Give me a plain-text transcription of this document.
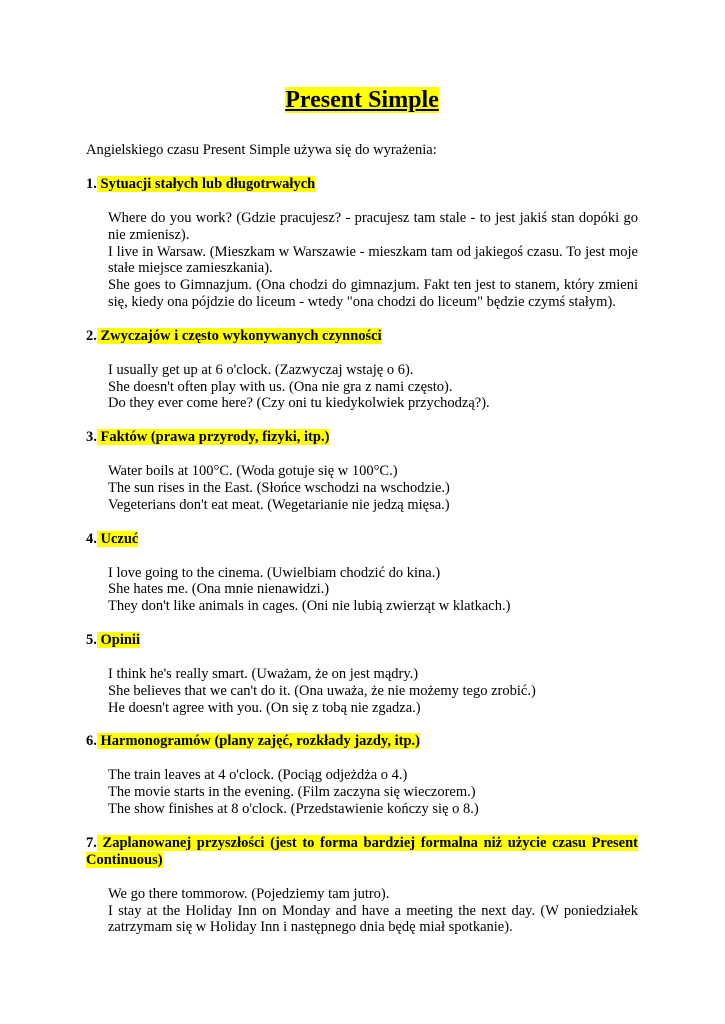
Present Simple

Angielskiego czasu Present Simple używa się do wyrażenia:

1. Sytuacji stałych lub długotrwałych

Where do you work? (Gdzie pracujesz? - pracujesz tam stale - to jest jakiś stan dopóki go nie zmienisz).
I live in Warsaw. (Mieszkam w Warszawie - mieszkam tam od jakiegoś czasu. To jest moje stałe miejsce zamieszkania).
She goes to Gimnazjum. (Ona chodzi do gimnazjum. Fakt ten jest to stanem, który zmieni się, kiedy ona pójdzie do liceum - wtedy "ona chodzi do liceum" będzie czymś stałym).

2. Zwyczajów i często wykonywanych czynności

I usually get up at 6 o'clock. (Zazwyczaj wstaję o 6).
She doesn't often play with us. (Ona nie gra z nami często).
Do they ever come here? (Czy oni tu kiedykolwiek przychodzą?).

3. Faktów (prawa przyrody, fizyki, itp.)

Water boils at 100°C. (Woda gotuje się w 100°C.)
The sun rises in the East. (Słońce wschodzi na wschodzie.)
Vegeterians don't eat meat. (Wegetarianie nie jedzą mięsa.)

4. Uczuć

I love going to the cinema. (Uwielbiam chodzić do kina.)
She hates me. (Ona mnie nienawidzi.)
They don't like animals in cages. (Oni nie lubią zwierząt w klatkach.)

5. Opinii

I think he's really smart. (Uważam, że on jest mądry.)
She believes that we can't do it. (Ona uważa, że nie możemy tego zrobić.)
He doesn't agree with you. (On się z tobą nie zgadza.)

6. Harmonogramów (plany zajęć, rozkłady jazdy, itp.)

The train leaves at 4 o'clock. (Pociąg odjeżdża o 4.)
The movie starts in the evening. (Film zaczyna się wieczorem.)
The show finishes at 8 o'clock. (Przedstawienie kończy się o 8.)

7. Zaplanowanej przyszłości (jest to forma bardziej formalna niż użycie czasu Present Continuous)

We go there tommorow. (Pojedziemy tam jutro).
I stay at the Holiday Inn on Monday and have a meeting the next day. (W poniedziałek zatrzymam się w Holiday Inn i następnego dnia będę miał spotkanie).
